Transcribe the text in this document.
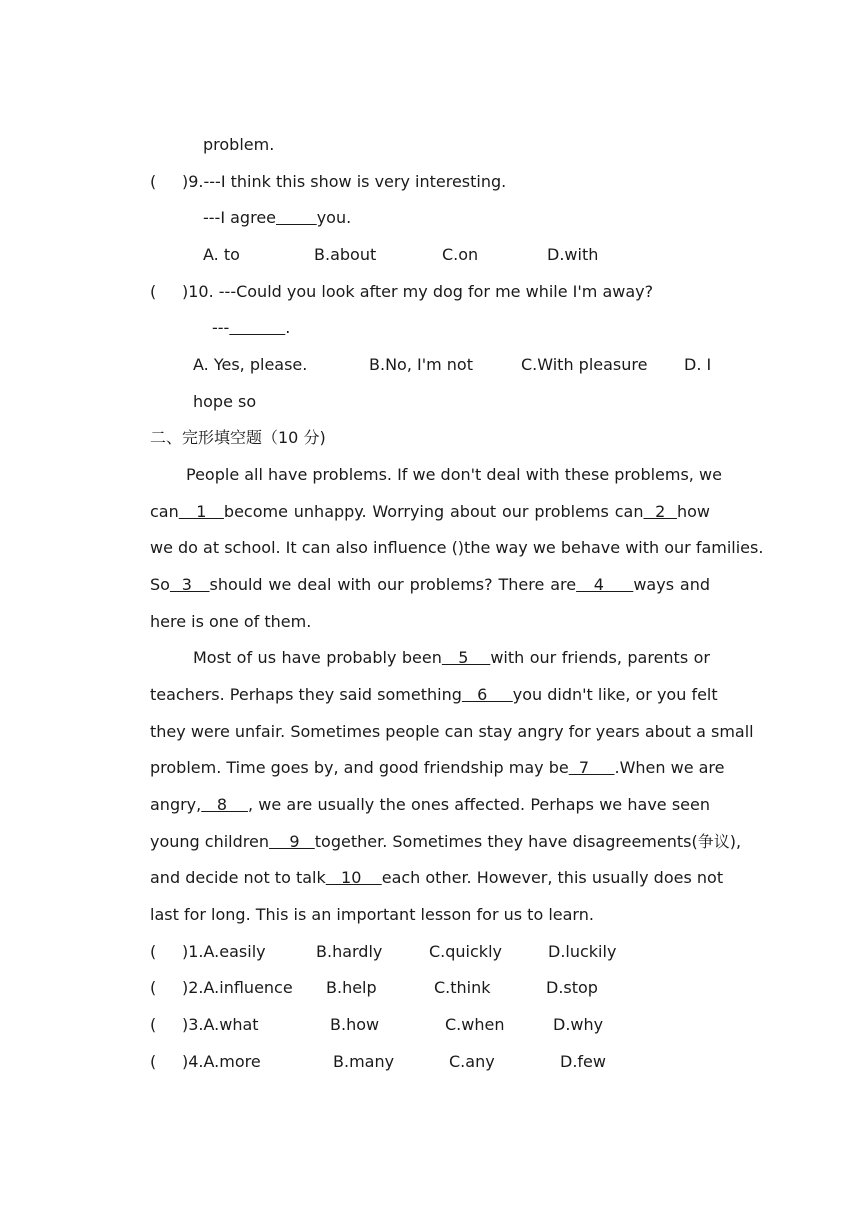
problem.
( )9.---I think this show is very interesting.
---I agree	you.
A. to	B.about	C.on	D.with
( )10. ---Could you look after my dog for me while I'm away?
---	.
A. Yes, please.	B.No, I'm not	C.With pleasure D. I
hope so
二、完形填空题（10 分)
People all have problems. If we don't deal with these problems, we
can   1   become unhappy. Worrying about our problems can  2  how
we do at school. It can also influence ()the way we behave with our families.
So  3   should we deal with our problems? There are   4     ways and
here is one of them.
Most of us have probably been   5    with our friends, parents or
teachers. Perhaps they said something   6     you didn't like, or you felt
they were unfair. Sometimes people can stay angry for years about a small
problem. Time goes by, and good friendship may be  7     .When we are
angry,   8    , we are usually the ones affected. Perhaps we have seen
young children    9   together. Sometimes they have disagreements(争议),
and decide not to talk   10    each other. However, this usually does not
last for long. This is an important lesson for us to learn.
( )1.A.easily	B.hardly	C.quickly	D.luckily
( )2.A.influence B.help	C.think	D.stop
( )3.A.what	B.how	C.when	D.why
( )4.A.more	B.many	C.any	D.few
